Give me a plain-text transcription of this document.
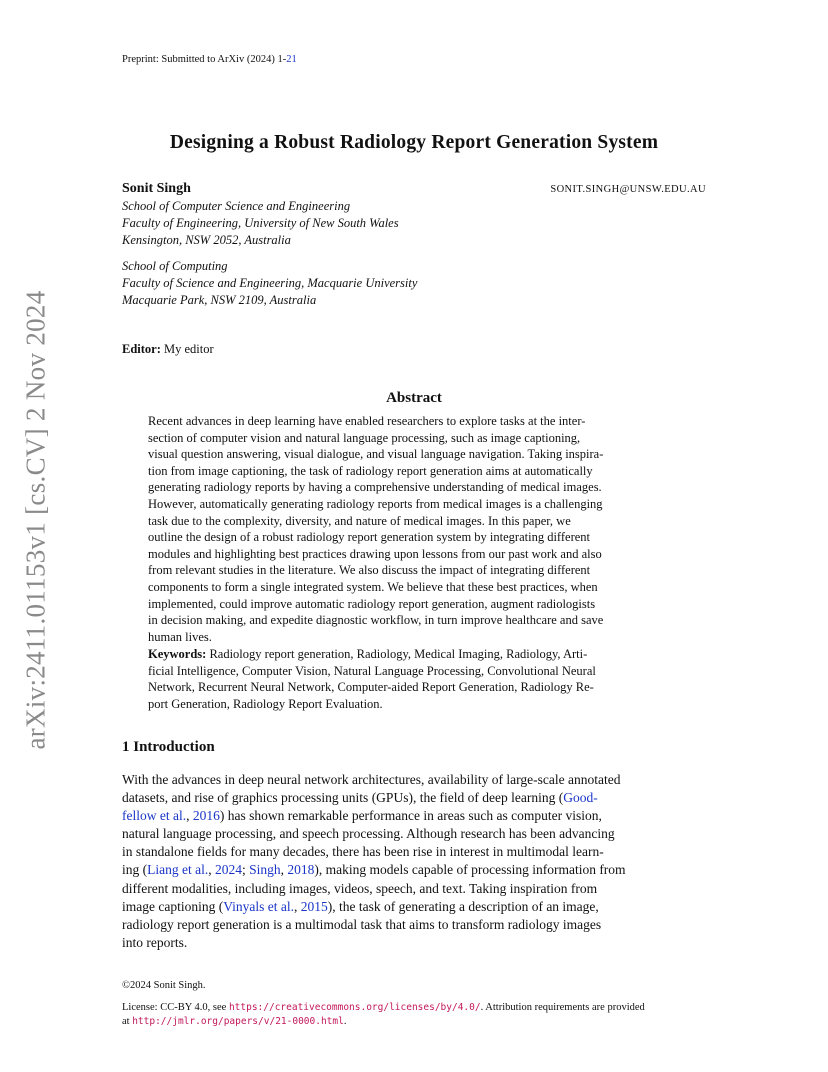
arXiv:2411.01153v1 [cs.CV] 2 Nov 2024
Preprint: Submitted to ArXiv (2024) 1-21
Designing a Robust Radiology Report Generation System
Sonit Singh	SONIT.SINGH@UNSW.EDU.AU
School of Computer Science and Engineering
Faculty of Engineering, University of New South Wales
Kensington, NSW 2052, Australia
School of Computing
Faculty of Science and Engineering, Macquarie University
Macquarie Park, NSW 2109, Australia
Editor: My editor
Abstract
Recent advances in deep learning have enabled researchers to explore tasks at the inter-
section of computer vision and natural language processing, such as image captioning,
visual question answering, visual dialogue, and visual language navigation. Taking inspira-
tion from image captioning, the task of radiology report generation aims at automatically
generating radiology reports by having a comprehensive understanding of medical images.
However, automatically generating radiology reports from medical images is a challenging
task due to the complexity, diversity, and nature of medical images. In this paper, we
outline the design of a robust radiology report generation system by integrating different
modules and highlighting best practices drawing upon lessons from our past work and also
from relevant studies in the literature. We also discuss the impact of integrating different
components to form a single integrated system. We believe that these best practices, when
implemented, could improve automatic radiology report generation, augment radiologists
in decision making, and expedite diagnostic workflow, in turn improve healthcare and save
human lives.
Keywords: Radiology report generation, Radiology, Medical Imaging, Radiology, Arti-
ficial Intelligence, Computer Vision, Natural Language Processing, Convolutional Neural
Network, Recurrent Neural Network, Computer-aided Report Generation, Radiology Re-
port Generation, Radiology Report Evaluation.
1 Introduction
With the advances in deep neural network architectures, availability of large-scale annotated
datasets, and rise of graphics processing units (GPUs), the field of deep learning (Good-
fellow et al., 2016) has shown remarkable performance in areas such as computer vision,
natural language processing, and speech processing. Although research has been advancing
in standalone fields for many decades, there has been rise in interest in multimodal learn-
ing (Liang et al., 2024; Singh, 2018), making models capable of processing information from
different modalities, including images, videos, speech, and text. Taking inspiration from
image captioning (Vinyals et al., 2015), the task of generating a description of an image,
radiology report generation is a multimodal task that aims to transform radiology images
into reports.
©2024 Sonit Singh.
License: CC-BY 4.0, see https://creativecommons.org/licenses/by/4.0/. Attribution requirements are provided
at http://jmlr.org/papers/v/21-0000.html.
